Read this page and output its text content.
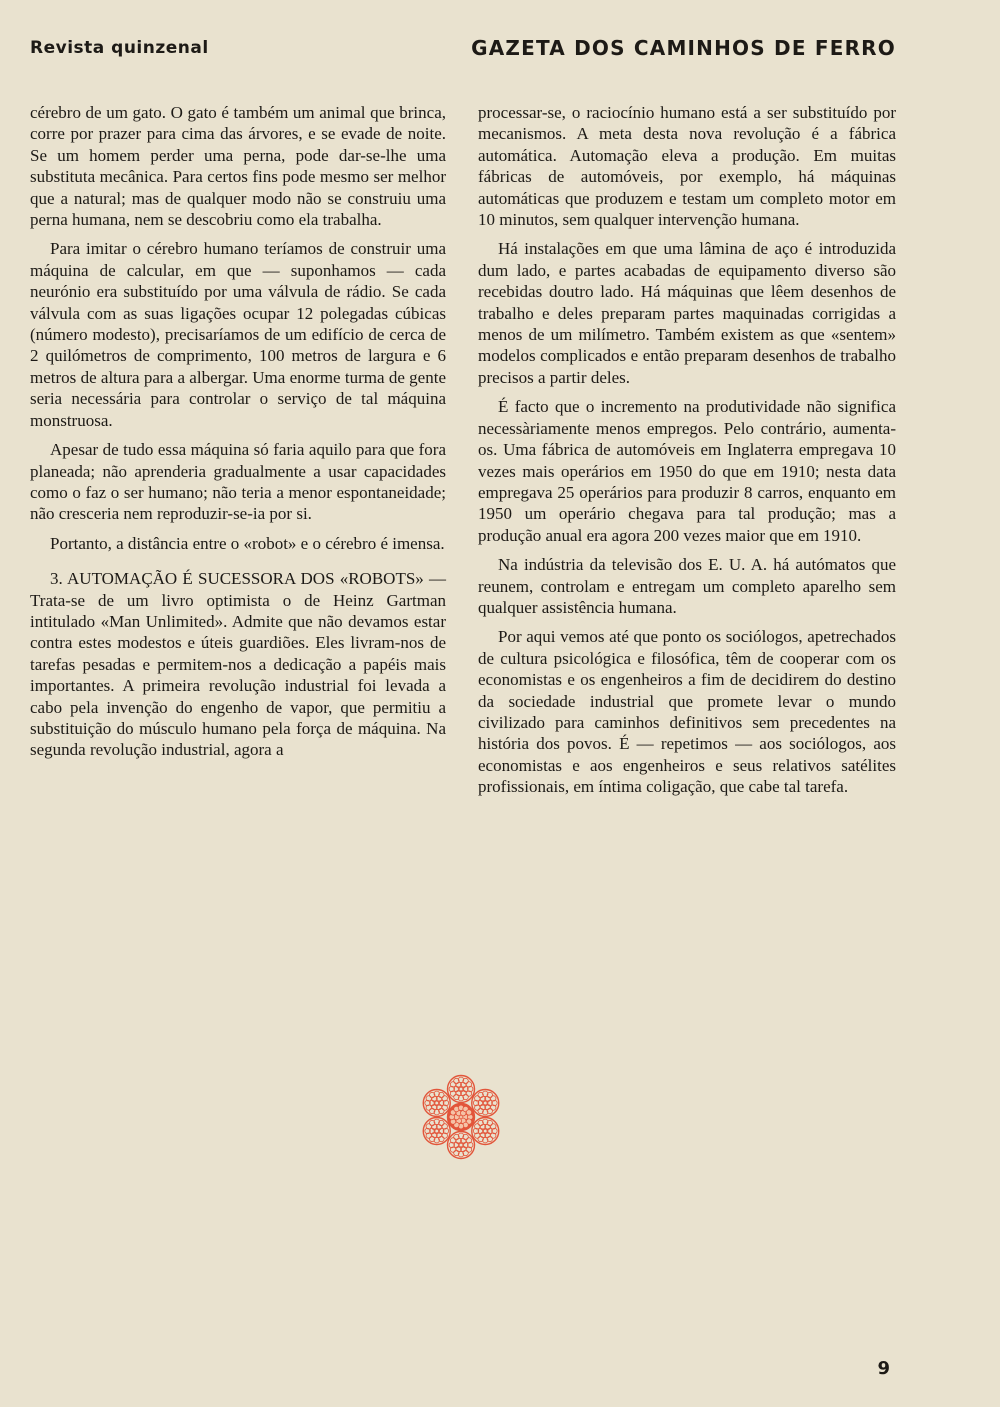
Revista quinzenal	GAZETA DOS CAMINHOS DE FERRO

cérebro de um gato. O gato é também um animal que brinca, corre por prazer para cima das árvores, e se evade de noite. Se um homem perder uma perna, pode dar-se-lhe uma substituta mecânica. Para certos fins pode mesmo ser melhor que a natural; mas de qualquer modo não se construiu uma perna humana, nem se descobriu como ela trabalha.

Para imitar o cérebro humano teríamos de construir uma máquina de calcular, em que — suponhamos — cada neurónio era substituído por uma válvula de rádio. Se cada válvula com as suas ligações ocupar 12 polegadas cúbicas (número modesto), precisaríamos de um edifício de cerca de 2 quilómetros de comprimento, 100 metros de largura e 6 metros de altura para a albergar. Uma enorme turma de gente seria necessária para controlar o serviço de tal máquina monstruosa.

Apesar de tudo essa máquina só faria aquilo para que fora planeada; não aprenderia gradualmente a usar capacidades como o faz o ser humano; não teria a menor espontaneidade; não cresceria nem reproduzir-se-ia por si.

Portanto, a distância entre o «robot» e o cérebro é imensa.

3. AUTOMAÇÃO É SUCESSORA DOS «ROBOTS» — Trata-se de um livro optimista o de Heinz Gartman intitulado «Man Unlimited». Admite que não devamos estar contra estes modestos e úteis guardiões. Eles livram-nos de tarefas pesadas e permitem-nos a dedicação a papéis mais importantes. A primeira revolução industrial foi levada a cabo pela invenção do engenho de vapor, que permitiu a substituição do músculo humano pela força de máquina. Na segunda revolução industrial, agora a

processar-se, o raciocínio humano está a ser substituído por mecanismos. A meta desta nova revolução é a fábrica automática. Automação eleva a produção. Em muitas fábricas de automóveis, por exemplo, há máquinas automáticas que produzem e testam um completo motor em 10 minutos, sem qualquer intervenção humana.

Há instalações em que uma lâmina de aço é introduzida dum lado, e partes acabadas de equipamento diverso são recebidas doutro lado. Há máquinas que lêem desenhos de trabalho e deles preparam partes maquinadas corrigidas a menos de um milímetro. Também existem as que «sentem» modelos complicados e então preparam desenhos de trabalho precisos a partir deles.

É facto que o incremento na produtividade não significa necessàriamente menos empregos. Pelo contrário, aumenta-os. Uma fábrica de automóveis em Inglaterra empregava 10 vezes mais operários em 1950 do que em 1910; nesta data empregava 25 operários para produzir 8 carros, enquanto em 1950 um operário chegava para tal produção; mas a produção anual era agora 200 vezes maior que em 1910.

Na indústria da televisão dos E. U. A. há autómatos que reunem, controlam e entregam um completo aparelho sem qualquer assistência humana.

Por aqui vemos até que ponto os sociólogos, apetrechados de cultura psicológica e filosófica, têm de cooperar com os economistas e os engenheiros a fim de decidirem do destino da sociedade industrial que promete levar o mundo civilizado para caminhos definitivos sem precedentes na história dos povos. É — repetimos — aos sociólogos, aos economistas e aos engenheiros e seus relativos satélites profissionais, em íntima coligação, que cabe tal tarefa.

9
